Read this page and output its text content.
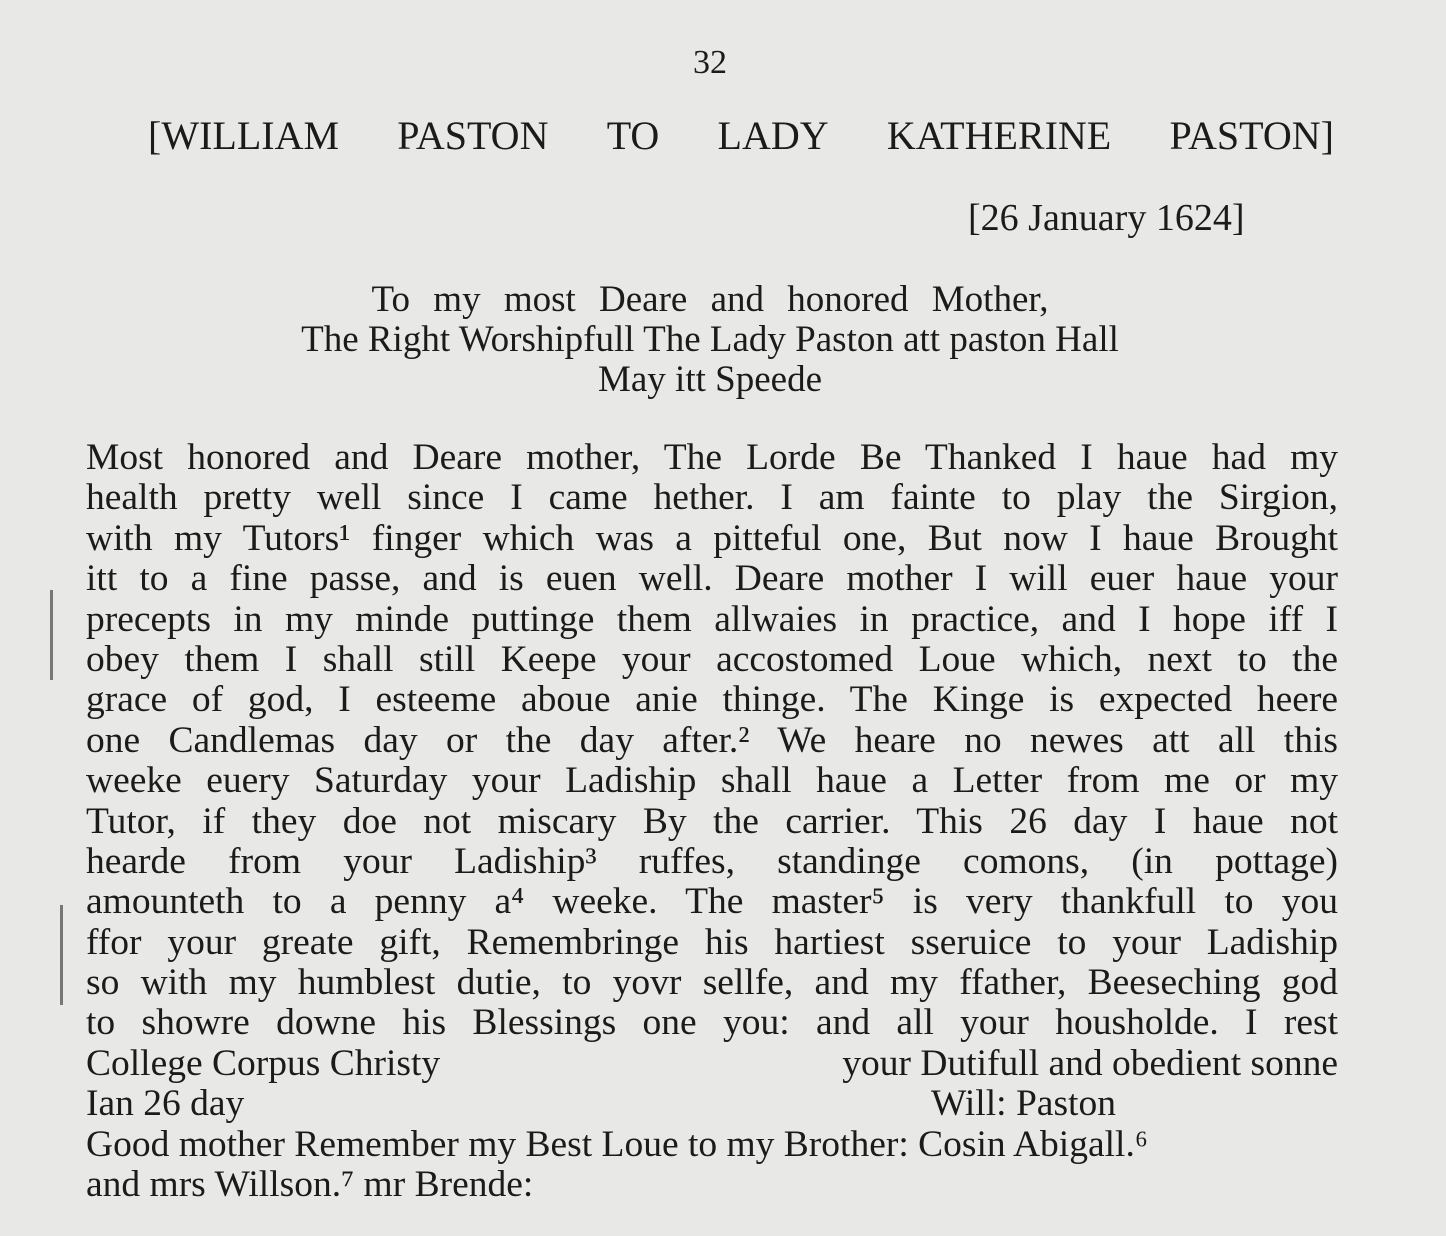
32
[WILLIAM PASTON TO LADY KATHERINE PASTON]
[26 January 1624]
To my most Deare and honored Mother,
The Right Worshipfull The Lady Paston att paston Hall
May itt Speede
Most honored and Deare mother, The Lorde Be Thanked I haue had my
health pretty well since I came hether. I am fainte to play the Sirgion,
with my Tutors¹ finger which was a pitteful one, But now I haue Brought
itt to a fine passe, and is euen well. Deare mother I will euer haue your
precepts in my minde puttinge them allwaies in practice, and I hope iff I
obey them I shall still Keepe your accostomed Loue which, next to the
grace of god, I esteeme aboue anie thinge. The Kinge is expected heere
one Candlemas day or the day after.² We heare no newes att all this
weeke euery Saturday your Ladiship shall haue a Letter from me or my
Tutor, if they doe not miscary By the carrier. This 26 day I haue not
hearde from your Ladiship³ ruffes, standinge comons, (in pottage)
amounteth to a penny a⁴ weeke. The master⁵ is very thankfull to you
ffor your greate gift, Remembringe his hartiest sseruice to your Ladiship
so with my humblest dutie, to yovr sellfe, and my ffather, Beeseching god
to showre downe his Blessings one you: and all your housholde. I rest
College Corpus Christy	your Dutifull and obedient sonne
Ian 26 day	Will: Paston
Good mother Remember my Best Loue to my Brother: Cosin Abigall.⁶
and mrs Willson.⁷ mr Brende:
